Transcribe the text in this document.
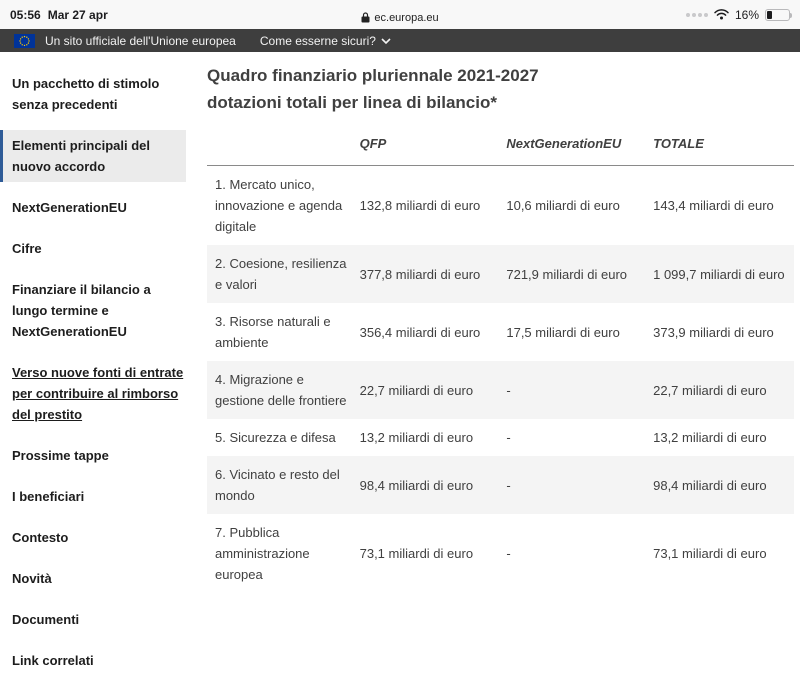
05:56 Mar 27 apr	ec.europa.eu	16%
Un sito ufficiale dell'Unione europea Come esserne sicuri?
Un pacchetto di stimolo senza precedenti
Elementi principali del nuovo accordo
NextGenerationEU
Cifre
Finanziare il bilancio a lungo termine e NextGenerationEU
Verso nuove fonti di entrate per contribuire al rimborso del prestito
Prossime tappe
I beneficiari
Contesto
Novità
Documenti
Link correlati
Quadro finanziario pluriennale 2021-2027
dotazioni totali per linea di bilancio*
	QFP	NextGenerationEU	TOTALE
1. Mercato unico, innovazione e agenda digitale	132,8 miliardi di euro	10,6 miliardi di euro	143,4 miliardi di euro
2. Coesione, resilienza e valori	377,8 miliardi di euro	721,9 miliardi di euro	1 099,7 miliardi di euro
3. Risorse naturali e ambiente	356,4 miliardi di euro	17,5 miliardi di euro	373,9 miliardi di euro
4. Migrazione e gestione delle frontiere	22,7 miliardi di euro	-	22,7 miliardi di euro
5. Sicurezza e difesa	13,2 miliardi di euro	-	13,2 miliardi di euro
6. Vicinato e resto del mondo	98,4 miliardi di euro	-	98,4 miliardi di euro
7. Pubblica amministrazione europea	73,1 miliardi di euro	-	73,1 miliardi di euro
